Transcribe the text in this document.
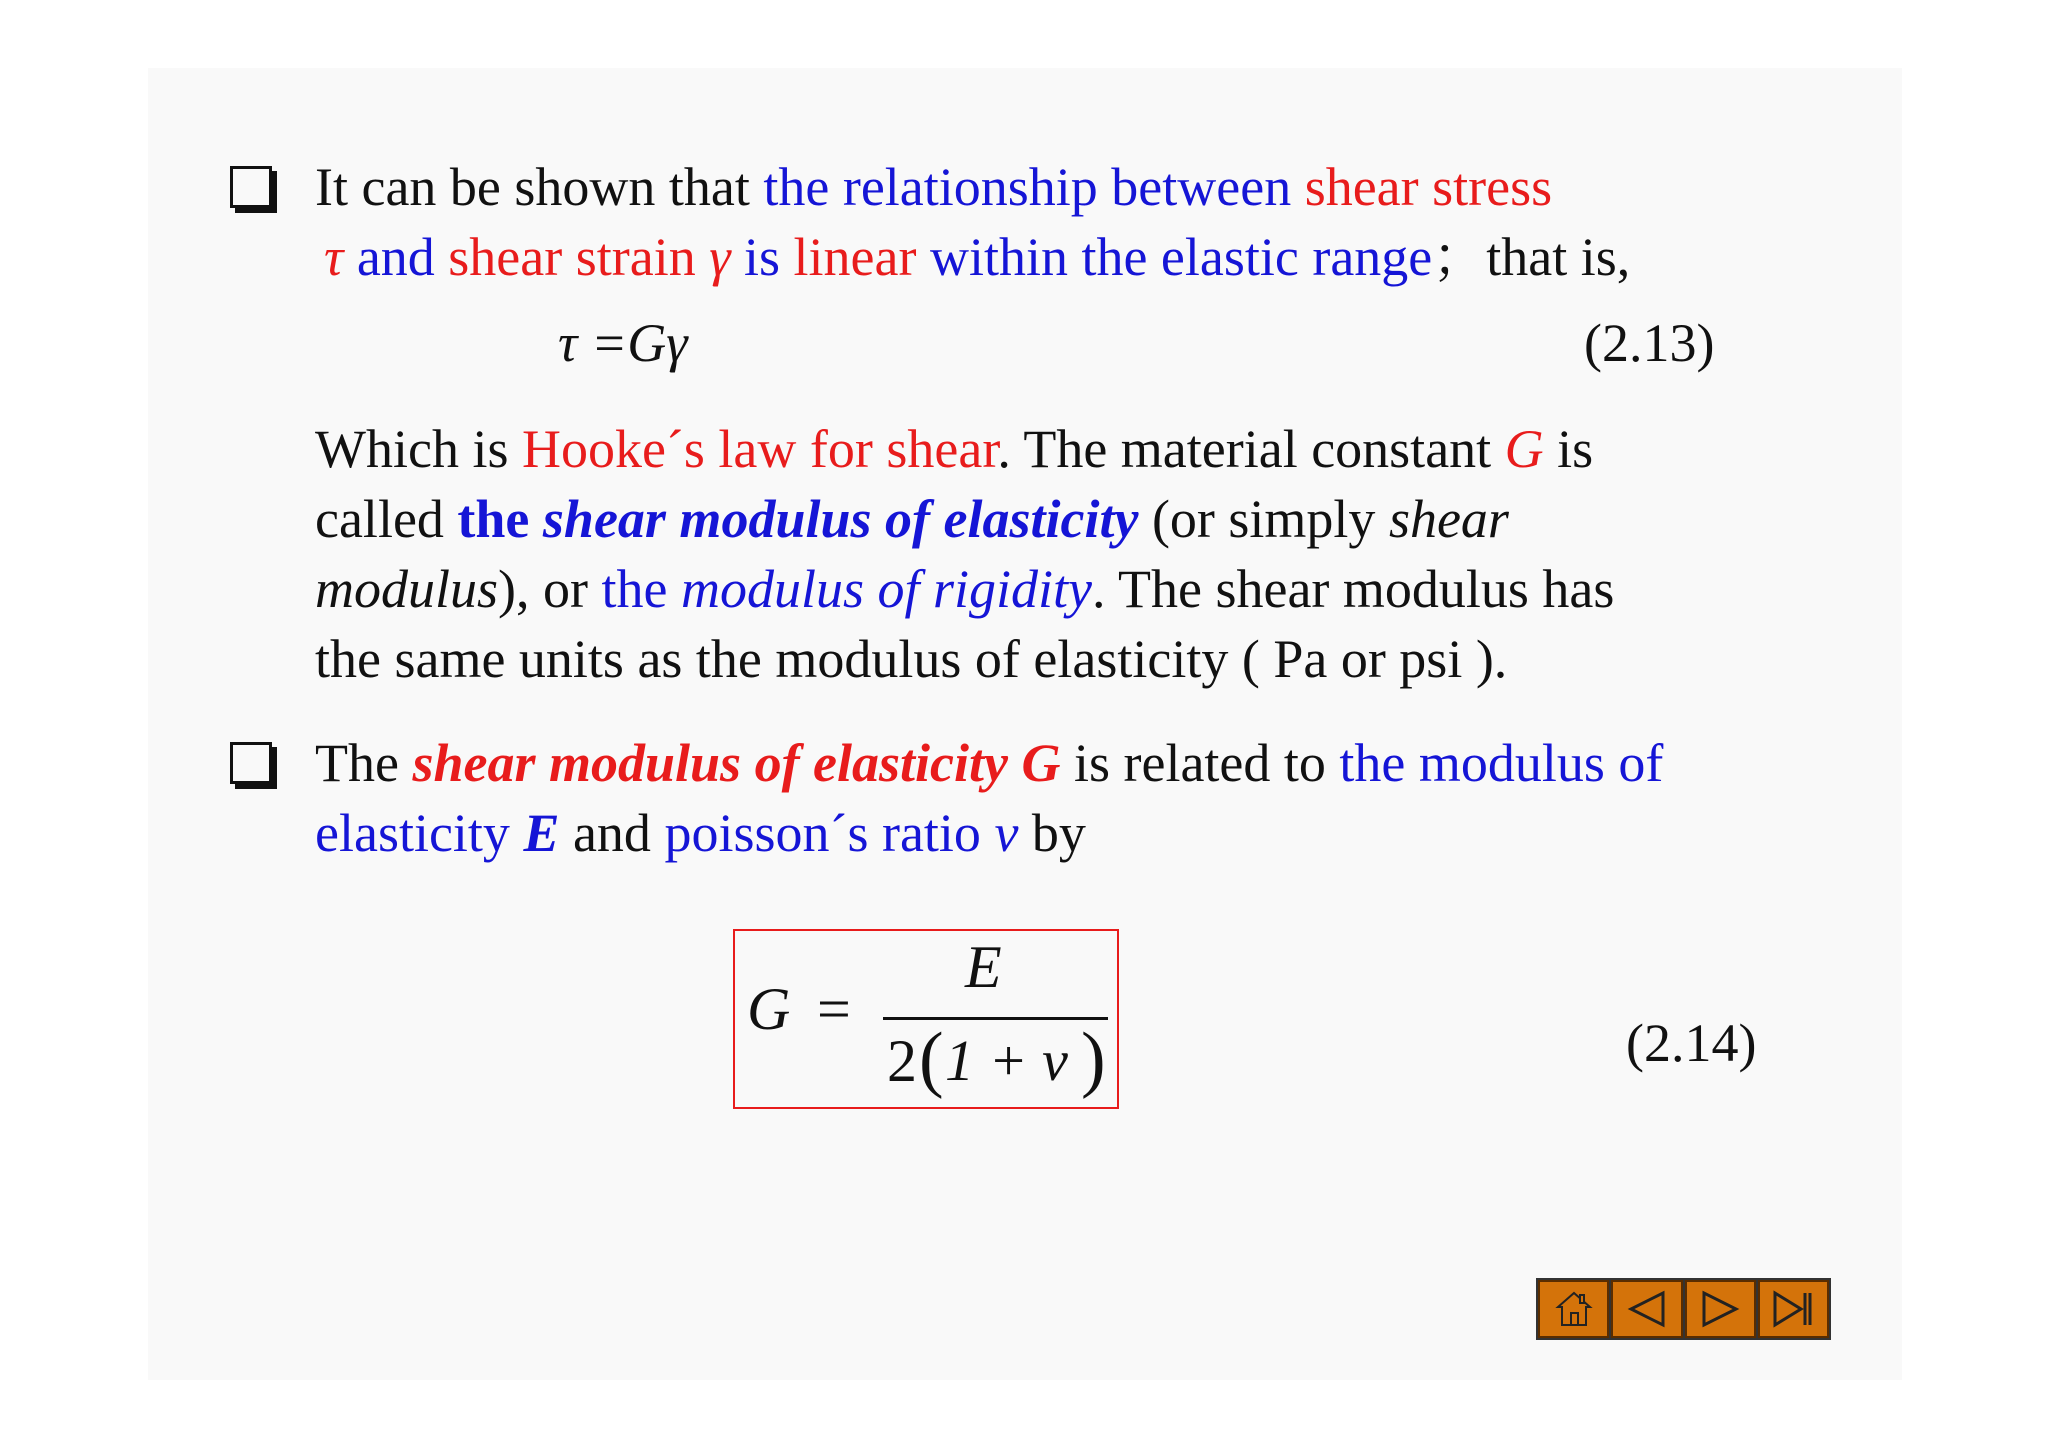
It can be shown that the relationship between shear stress

τ and shear strain γ is linear within the elastic range；that is,

τ =Gγ	(2.13)

Which is Hooke´s law for shear. The material constant G is

called the shear modulus of elasticity (or simply shear

modulus), or the modulus of rigidity. The shear modulus has

the same units as the modulus of elasticity ( Pa or psi ).

The shear modulus of elasticity G is related to the modulus of

elasticity E and poisson´s ratio ν by

G =
E
2 ( 1 + ν )	(2.14)
